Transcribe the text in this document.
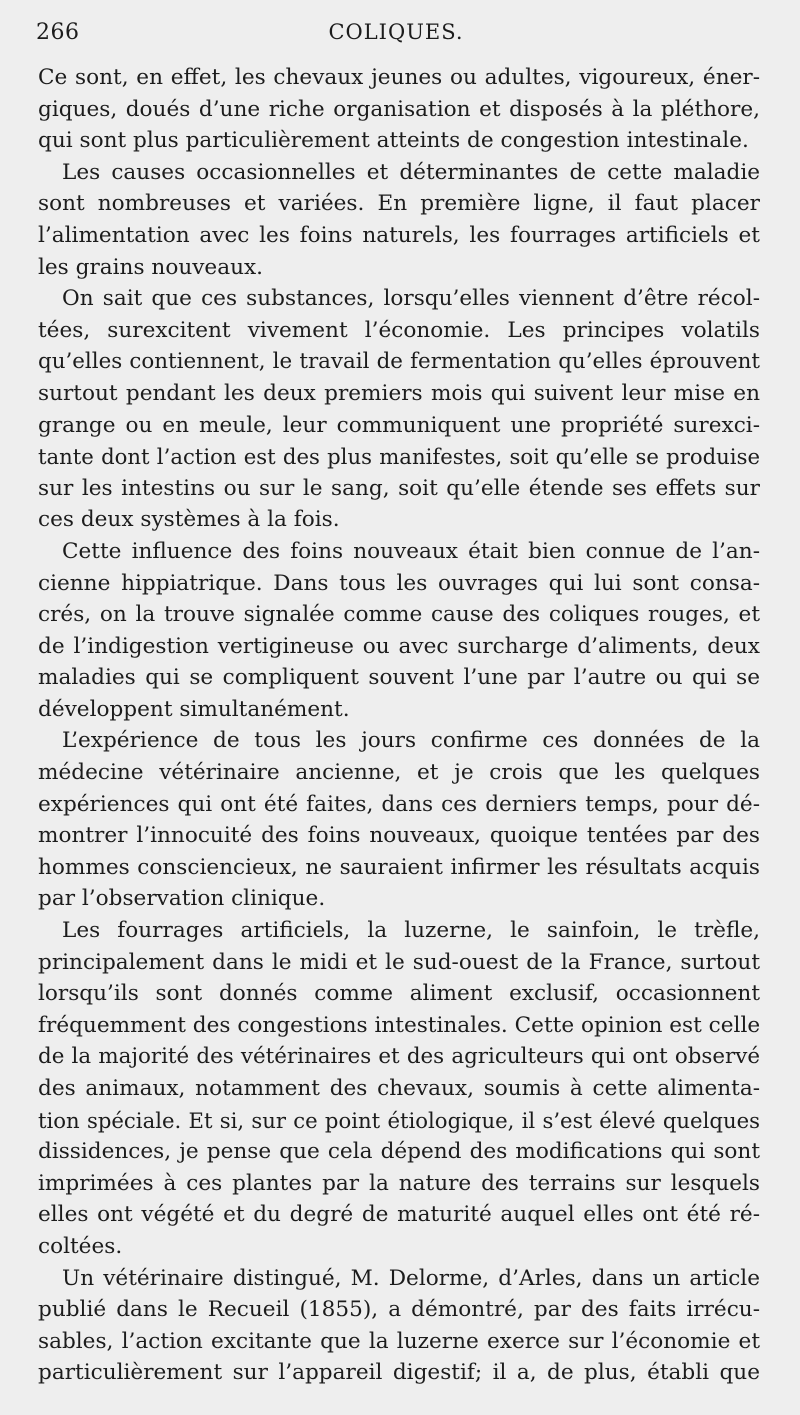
266	COLIQUES.
Ce sont, en effet, les chevaux jeunes ou adultes, vigoureux, éner-
giques, doués d’une riche organisation et disposés à la pléthore,
qui sont plus particulièrement atteints de congestion intestinale.
Les causes occasionnelles et déterminantes de cette maladie
sont nombreuses et variées. En première ligne, il faut placer
l’alimentation avec les foins naturels, les fourrages artificiels et
les grains nouveaux.
On sait que ces substances, lorsqu’elles viennent d’être récol-
tées, surexcitent vivement l’économie. Les principes volatils
qu’elles contiennent, le travail de fermentation qu’elles éprouvent
surtout pendant les deux premiers mois qui suivent leur mise en
grange ou en meule, leur communiquent une propriété surexci-
tante dont l’action est des plus manifestes, soit qu’elle se produise
sur les intestins ou sur le sang, soit qu’elle étende ses effets sur
ces deux systèmes à la fois.
Cette influence des foins nouveaux était bien connue de l’an-
cienne hippiatrique. Dans tous les ouvrages qui lui sont consa-
crés, on la trouve signalée comme cause des coliques rouges, et
de l’indigestion vertigineuse ou avec surcharge d’aliments, deux
maladies qui se compliquent souvent l’une par l’autre ou qui se
développent simultanément.
L’expérience de tous les jours confirme ces données de la
médecine vétérinaire ancienne, et je crois que les quelques
expériences qui ont été faites, dans ces derniers temps, pour dé-
montrer l’innocuité des foins nouveaux, quoique tentées par des
hommes consciencieux, ne sauraient infirmer les résultats acquis
par l’observation clinique.
Les fourrages artificiels, la luzerne, le sainfoin, le trèfle,
principalement dans le midi et le sud-ouest de la France, surtout
lorsqu’ils sont donnés comme aliment exclusif, occasionnent
fréquemment des congestions intestinales. Cette opinion est celle
de la majorité des vétérinaires et des agriculteurs qui ont observé
des animaux, notamment des chevaux, soumis à cette alimenta-
tion spéciale. Et si, sur ce point étiologique, il s’est élevé quelques
dissidences, je pense que cela dépend des modifications qui sont
imprimées à ces plantes par la nature des terrains sur lesquels
elles ont végété et du degré de maturité auquel elles ont été ré-
coltées.
Un vétérinaire distingué, M. Delorme, d’Arles, dans un article
publié dans le Recueil (1855), a démontré, par des faits irrécu-
sables, l’action excitante que la luzerne exerce sur l’économie et
particulièrement sur l’appareil digestif; il a, de plus, établi que
